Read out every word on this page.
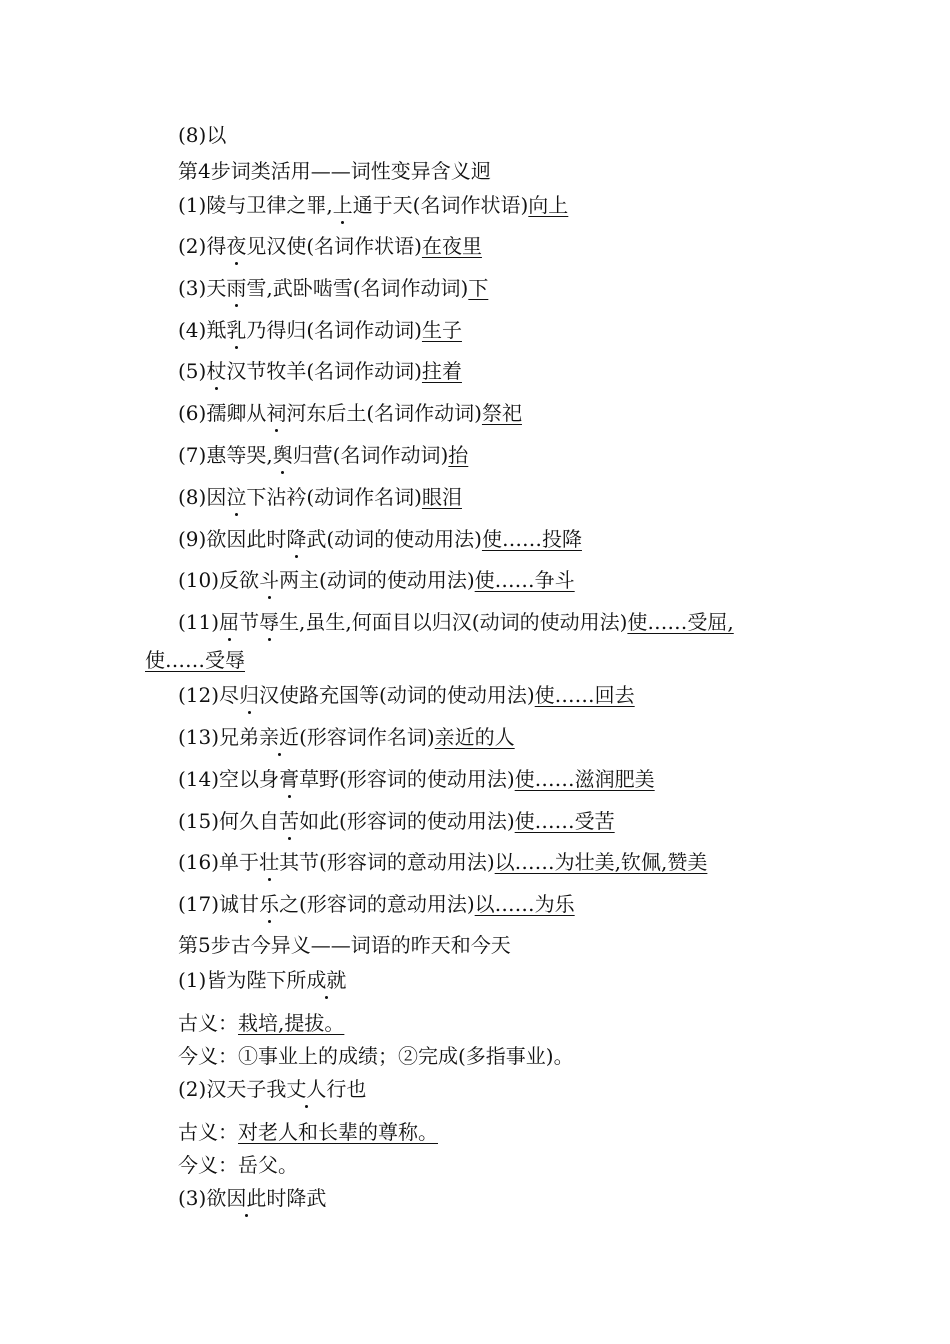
(8)以
第4步词类活用——词性变异含义迥
(1)陵与卫律之罪,上通于天(名词作状语)向上
(2)得夜见汉使(名词作状语)在夜里
(3)天雨雪,武卧啮雪(名词作动词)下
(4)羝乳乃得归(名词作动词)生子
(5)杖汉节牧羊(名词作动词)拄着
(6)孺卿从祠河东后土(名词作动词)祭祀
(7)惠等哭,舆归营(名词作动词)抬
(8)因泣下沾衿(动词作名词)眼泪
(9)欲因此时降武(动词的使动用法)使……投降
(10)反欲斗两主(动词的使动用法)使……争斗
(11)屈节辱生,虽生,何面目以归汉(动词的使动用法)使……受屈,
使……受辱
(12)尽归汉使路充国等(动词的使动用法)使……回去
(13)兄弟亲近(形容词作名词)亲近的人
(14)空以身膏草野(形容词的使动用法)使……滋润肥美
(15)何久自苦如此(形容词的使动用法)使……受苦
(16)单于壮其节(形容词的意动用法)以……为壮美,钦佩,赞美
(17)诚甘乐之(形容词的意动用法)以……为乐
第5步古今异义——词语的昨天和今天
(1)皆为陛下所成就
古义：栽培,提拔。
今义：①事业上的成绩；②完成(多指事业)。
(2)汉天子我丈人行也
古义：对老人和长辈的尊称。
今义：岳父。
(3)欲因此时降武
